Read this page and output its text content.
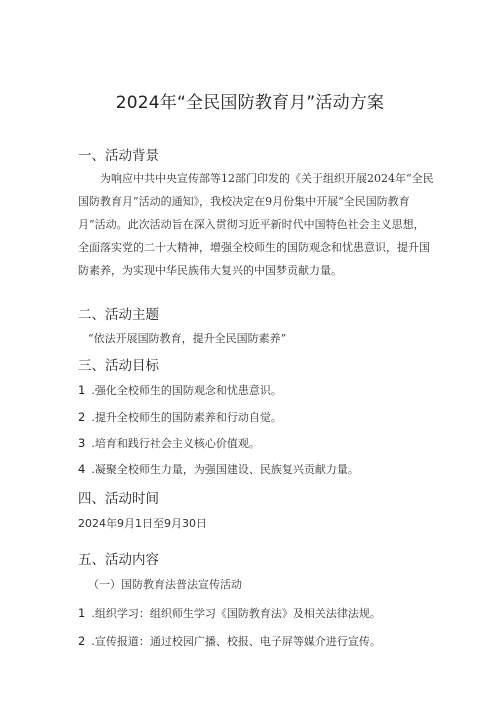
2024年“全民国防教育月”活动方案
一、活动背景
为响应中共中央宣传部等12部门印发的《关于组织开展2024年“全民国防教育月”活动的通知》，我校决定在9月份集中开展“全民国防教育月”活动。此次活动旨在深入贯彻习近平新时代中国特色社会主义思想，全面落实党的二十大精神，增强全校师生的国防观念和忧患意识，提升国防素养，为实现中华民族伟大复兴的中国梦贡献力量。
二、活动主题
“依法开展国防教育，提升全民国防素养”
三、活动目标
1 .强化全校师生的国防观念和忧患意识。
2 .提升全校师生的国防素养和行动自觉。
3 .培育和践行社会主义核心价值观。
4 .凝聚全校师生力量，为强国建设、民族复兴贡献力量。
四、活动时间
2024年9月1日至9月30日
五、活动内容
（一）国防教育法普法宣传活动
1 .组织学习：组织师生学习《国防教育法》及相关法律法规。
2 .宣传报道：通过校园广播、校报、电子屏等媒介进行宣传。
